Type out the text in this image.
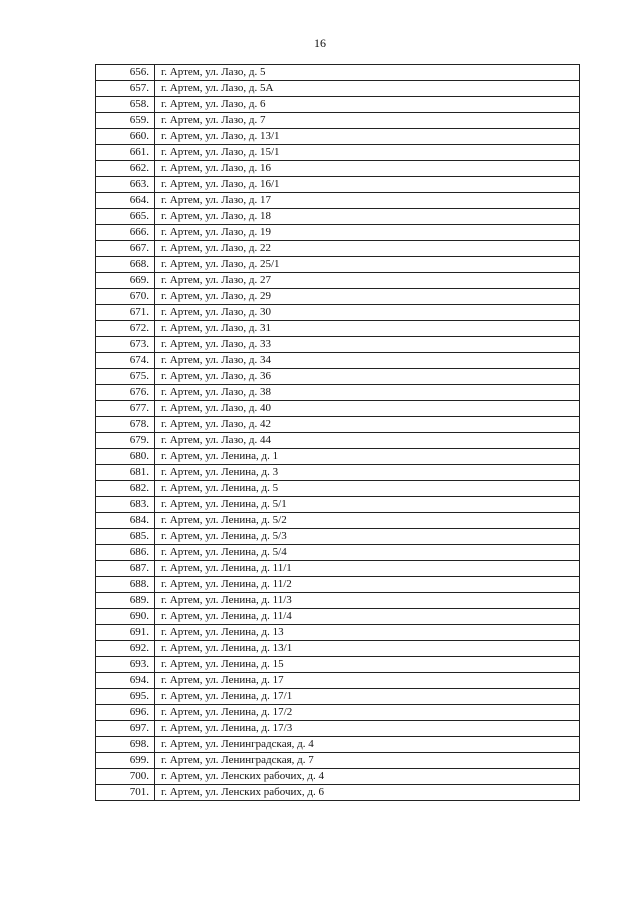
16
656.	г. Артем, ул. Лазо, д. 5
657.	г. Артем, ул. Лазо, д. 5А
658.	г. Артем, ул. Лазо, д. 6
659.	г. Артем, ул. Лазо, д. 7
660.	г. Артем, ул. Лазо, д. 13/1
661.	г. Артем, ул. Лазо, д. 15/1
662.	г. Артем, ул. Лазо, д. 16
663.	г. Артем, ул. Лазо, д. 16/1
664.	г. Артем, ул. Лазо, д. 17
665.	г. Артем, ул. Лазо, д. 18
666.	г. Артем, ул. Лазо, д. 19
667.	г. Артем, ул. Лазо, д. 22
668.	г. Артем, ул. Лазо, д. 25/1
669.	г. Артем, ул. Лазо, д. 27
670.	г. Артем, ул. Лазо, д. 29
671.	г. Артем, ул. Лазо, д. 30
672.	г. Артем, ул. Лазо, д. 31
673.	г. Артем, ул. Лазо, д. 33
674.	г. Артем, ул. Лазо, д. 34
675.	г. Артем, ул. Лазо, д. 36
676.	г. Артем, ул. Лазо, д. 38
677.	г. Артем, ул. Лазо, д. 40
678.	г. Артем, ул. Лазо, д. 42
679.	г. Артем, ул. Лазо, д. 44
680.	г. Артем, ул. Ленина, д. 1
681.	г. Артем, ул. Ленина, д. 3
682.	г. Артем, ул. Ленина, д. 5
683.	г. Артем, ул. Ленина, д. 5/1
684.	г. Артем, ул. Ленина, д. 5/2
685.	г. Артем, ул. Ленина, д. 5/3
686.	г. Артем, ул. Ленина, д. 5/4
687.	г. Артем, ул. Ленина, д. 11/1
688.	г. Артем, ул. Ленина, д. 11/2
689.	г. Артем, ул. Ленина, д. 11/3
690.	г. Артем, ул. Ленина, д. 11/4
691.	г. Артем, ул. Ленина, д. 13
692.	г. Артем, ул. Ленина, д. 13/1
693.	г. Артем, ул. Ленина, д. 15
694.	г. Артем, ул. Ленина, д. 17
695.	г. Артем, ул. Ленина, д. 17/1
696.	г. Артем, ул. Ленина, д. 17/2
697.	г. Артем, ул. Ленина, д. 17/3
698.	г. Артем, ул. Ленинградская, д. 4
699.	г. Артем, ул. Ленинградская, д. 7
700.	г. Артем, ул. Ленских рабочих, д. 4
701.	г. Артем, ул. Ленских рабочих, д. 6
